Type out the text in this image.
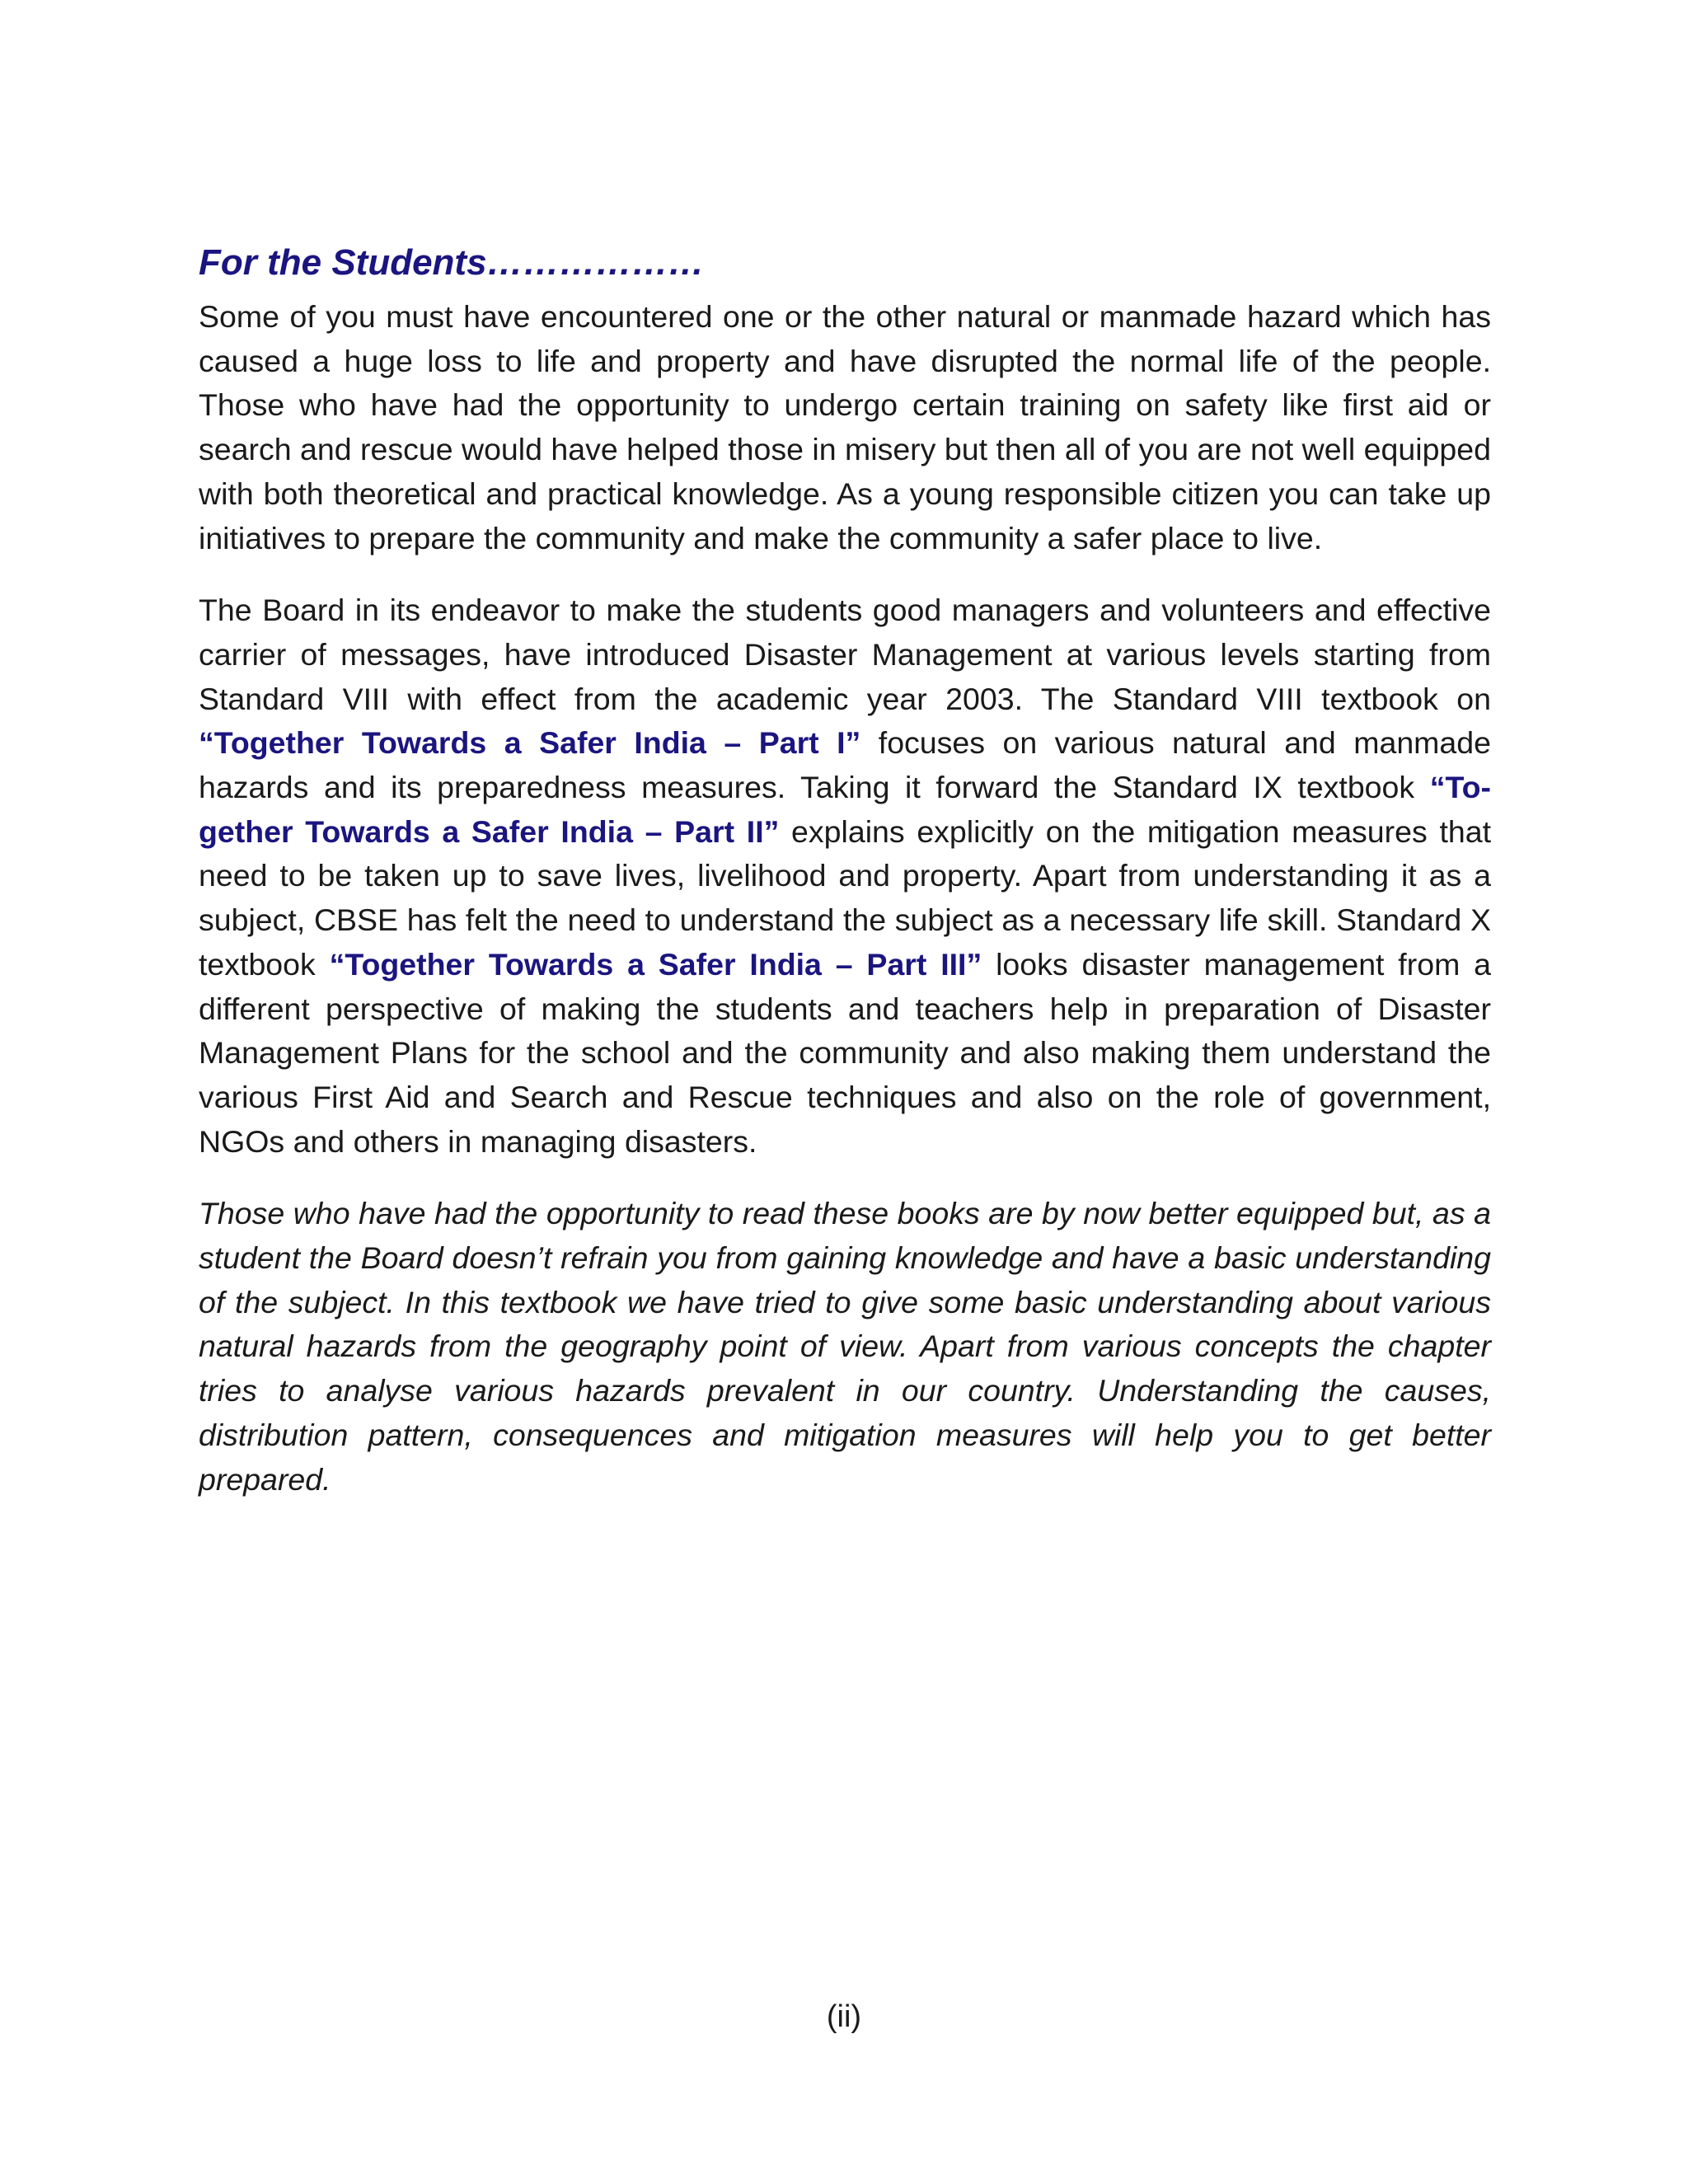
For the Students………………

Some of you must have encountered one or the other natural or manmade hazard which has caused a huge loss to life and property and have disrupted the normal life of the people. Those who have had the opportunity to undergo certain training on safety like first aid or search and rescue would have helped those in misery but then all of you are not well equipped with both theoretical and practical knowledge. As a young responsible citizen you can take up initiatives to prepare the community and make the community a safer place to live.

The Board in its endeavor to make the students good managers and volunteers and effective carrier of messages, have introduced Disaster Management at various levels starting from Standard VIII with effect from the academic year 2003. The Standard VIII textbook on “Together Towards a Safer India – Part I” focuses on various natural and manmade hazards and its preparedness measures. Taking it forward the Standard IX textbook “Together Towards a Safer India – Part II” explains explicitly on the mitigation measures that need to be taken up to save lives, livelihood and property. Apart from understanding it as a subject, CBSE has felt the need to understand the subject as a necessary life skill. Standard X textbook “Together Towards a Safer India – Part III” looks disaster management from a different perspective of making the students and teachers help in preparation of Disaster Management Plans for the school and the community and also making them understand the various First Aid and Search and Rescue techniques and also on the role of government, NGOs and others in managing disasters.

Those who have had the opportunity to read these books are by now better equipped but, as a student the Board doesn’t refrain you from gaining knowledge and have a basic understanding of the subject. In this textbook we have tried to give some basic understanding about various natural hazards from the geography point of view. Apart from various concepts the chapter tries to analyse various hazards prevalent in our country. Understanding the causes, distribution pattern, consequences and mitigation measures will help you to get better prepared.

(ii)
